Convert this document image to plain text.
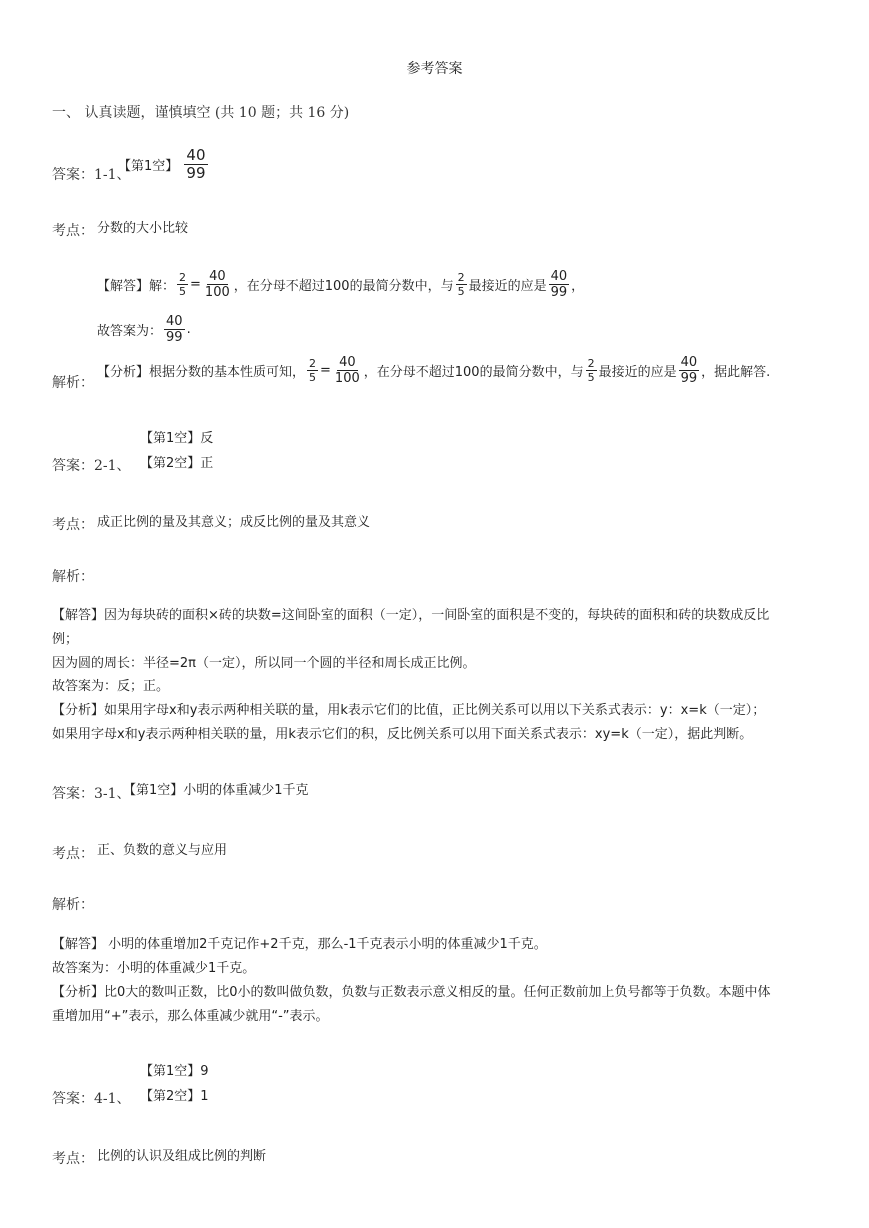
参考答案
一、 认真读题，谨慎填空 (共 10 题；共 16 分)
答案：1-1、
【第1空】 $\frac{40}{99}$
考点： 分数的大小比较
【解答】解： $\frac{2}{5} = \frac{40}{100}$ ，在分母不超过100的最简分数中，与 $\frac{2}{5}$ 最接近的应是 $\frac{40}{99}$ ，
故答案为： $\frac{40}{99}$ .
解析：
【分析】根据分数的基本性质可知， $\frac{2}{5} = \frac{40}{100}$ ，在分母不超过100的最简分数中，与 $\frac{2}{5}$ 最接近的应是 $\frac{40}{99}$ ，据此解答.
【第1空】反
答案：2-1、 【第2空】正
考点： 成正比例的量及其意义；成反比例的量及其意义
解析：
【解答】因为每块砖的面积×砖的块数=这间卧室的面积（一定），一间卧室的面积是不变的，每块砖的面积和砖的块数成反比
例；
因为圆的周长：半径=2π（一定），所以同一个圆的半径和周长成正比例。
故答案为：反；正。
【分析】如果用字母x和y表示两种相关联的量，用k表示它们的比值，正比例关系可以用以下关系式表示：y：x=k（一定）；
如果用字母x和y表示两种相关联的量，用k表示它们的积，反比例关系可以用下面关系式表示：xy=k（一定），据此判断。
答案：3-1、
【第1空】小明的体重减少1千克
考点： 正、负数的意义与应用
解析：
【解答】 小明的体重增加2千克记作+2千克，那么-1千克表示小明的体重减少1千克。
故答案为：小明的体重减少1千克。
【分析】比0大的数叫正数，比0小的数叫做负数，负数与正数表示意义相反的量。任何正数前加上负号都等于负数。本题中体
重增加用“+”表示，那么体重减少就用“-”表示。
【第1空】9
答案：4-1、 【第2空】1
考点： 比例的认识及组成比例的判断
